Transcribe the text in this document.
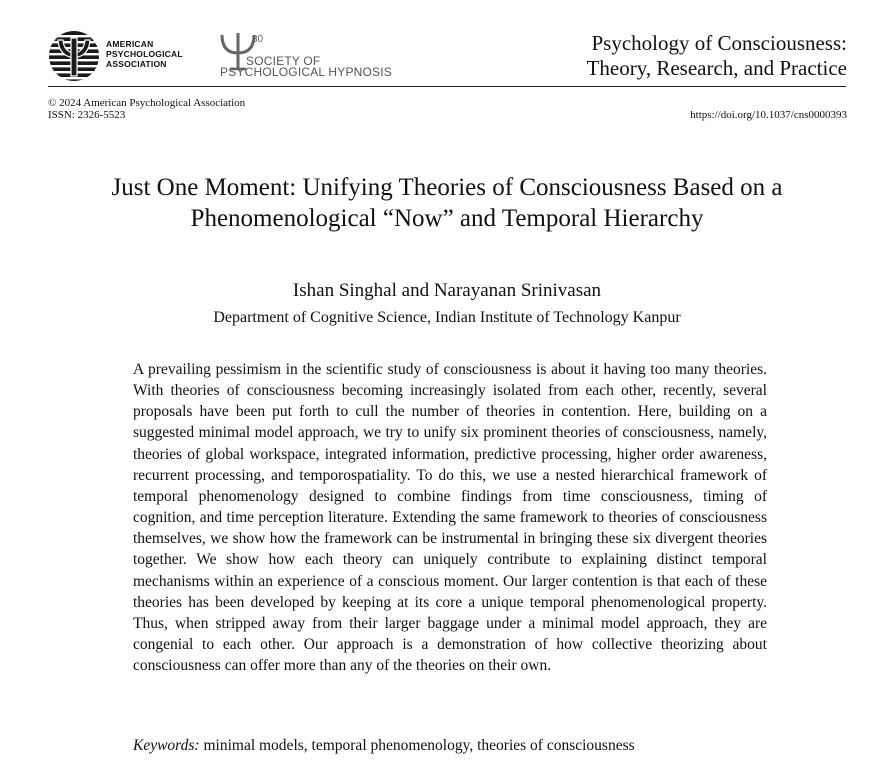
AMERICAN
PSYCHOLOGICAL
ASSOCIATION
30
SOCIETY OF
PSYCHOLOGICAL HYPNOSIS
Psychology of Consciousness:
Theory, Research, and Practice
© 2024 American Psychological Association
ISSN: 2326-5523	https://doi.org/10.1037/cns0000393
Just One Moment: Unifying Theories of Consciousness Based on a
Phenomenological “Now” and Temporal Hierarchy
Ishan Singhal and Narayanan Srinivasan
Department of Cognitive Science, Indian Institute of Technology Kanpur
A prevailing pessimism in the scientific study of consciousness is about it having too many theories. With theories of consciousness becoming increasingly isolated from each other, recently, several proposals have been put forth to cull the number of theories in contention. Here, building on a suggested minimal model approach, we try to unify six prominent theories of consciousness, namely, theories of global workspace, integrated information, predictive processing, higher order awareness, recurrent processing, and temporospatiality. To do this, we use a nested hierarchical framework of temporal phenomenology designed to combine findings from time consciousness, timing of cognition, and time perception literature. Extending the same framework to theories of consciousness themselves, we show how the framework can be instrumental in bringing these six divergent theories together. We show how each theory can uniquely contribute to explaining distinct temporal mechanisms within an experience of a conscious moment. Our larger contention is that each of these theories has been developed by keeping at its core a unique temporal phenomenological property. Thus, when stripped away from their larger baggage under a minimal model approach, they are congenial to each other. Our approach is a demonstration of how collective theorizing about consciousness can offer more than any of the theories on their own.
Keywords: minimal models, temporal phenomenology, theories of consciousness
